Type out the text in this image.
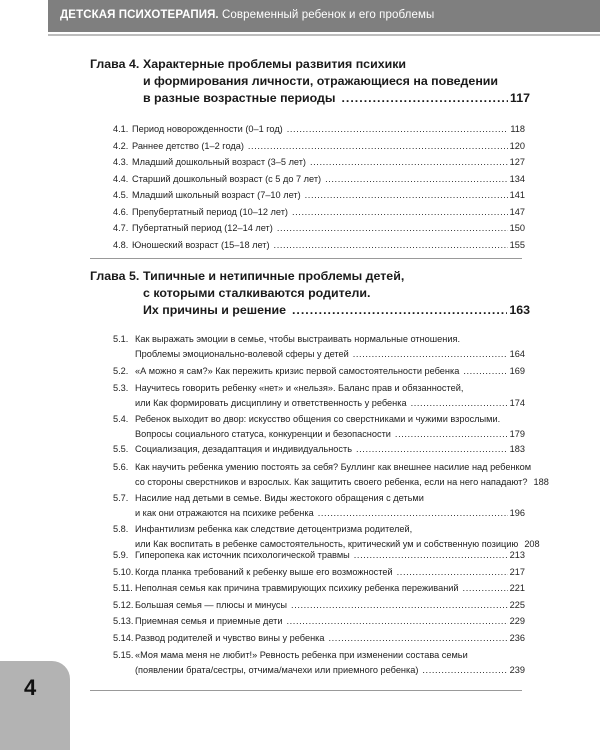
ДЕТСКАЯ ПСИХОТЕРАПИЯ. Современный ребенок и его проблемы
Глава 4. Характерные проблемы развития психики
и формирования личности, отражающиеся на поведении
в разные возрастные периоды .....	117
4.1. Период новорожденности (0–1 год) .....	118
4.2. Раннее детство (1–2 года) .....	120
4.3. Младший дошкольный возраст (3–5 лет) .....	127
4.4. Старший дошкольный возраст (с 5 до 7 лет) .....	134
4.5. Младший школьный возраст (7–10 лет) .....	141
4.6. Препубертатный период (10–12 лет) .....	147
4.7. Пубертатный период (12–14 лет) .....	150
4.8. Юношеский возраст (15–18 лет) .....	155
Глава 5. Типичные и нетипичные проблемы детей,
с которыми сталкиваются родители.
Их причины и решение .....	163
5.1. Как выражать эмоции в семье, чтобы выстраивать нормальные отношения.
Проблемы эмоционально-волевой сферы у детей .....	164
5.2. «А можно я сам?» Как пережить кризис первой самостоятельности ребенка .....	169
5.3. Научитесь говорить ребенку «нет» и «нельзя». Баланс прав и обязанностей,
или Как формировать дисциплину и ответственность у ребенка .....	174
5.4. Ребенок выходит во двор: искусство общения со сверстниками и чужими взрослыми.
Вопросы социального статуса, конкуренции и безопасности .....	179
5.5. Социализация, дезадаптация и индивидуальность .....	183
5.6. Как научить ребенка умению постоять за себя? Буллинг как внешнее насилие над ребенком
со стороны сверстников и взрослых. Как защитить своего ребенка, если на него нападают? 188
5.7. Насилие над детьми в семье. Виды жестокого обращения с детьми
и как они отражаются на психике ребенка .....	196
5.8. Инфантилизм ребенка как следствие детоцентризма родителей,
или Как воспитать в ребенке самостоятельность, критический ум и собственную позицию 208
5.9. Гиперопека как источник психологической травмы .....	213
5.10. Когда планка требований к ребенку выше его возможностей .....	217
5.11. Неполная семья как причина травмирующих психику ребенка переживаний .....	221
5.12. Большая семья — плюсы и минусы .....	225
5.13. Приемная семья и приемные дети .....	229
5.14. Развод родителей и чувство вины у ребенка .....	236
5.15. «Моя мама меня не любит!» Ревность ребенка при изменении состава семьи
(появлении брата/сестры, отчима/мачехи или приемного ребенка) .....	239
4
